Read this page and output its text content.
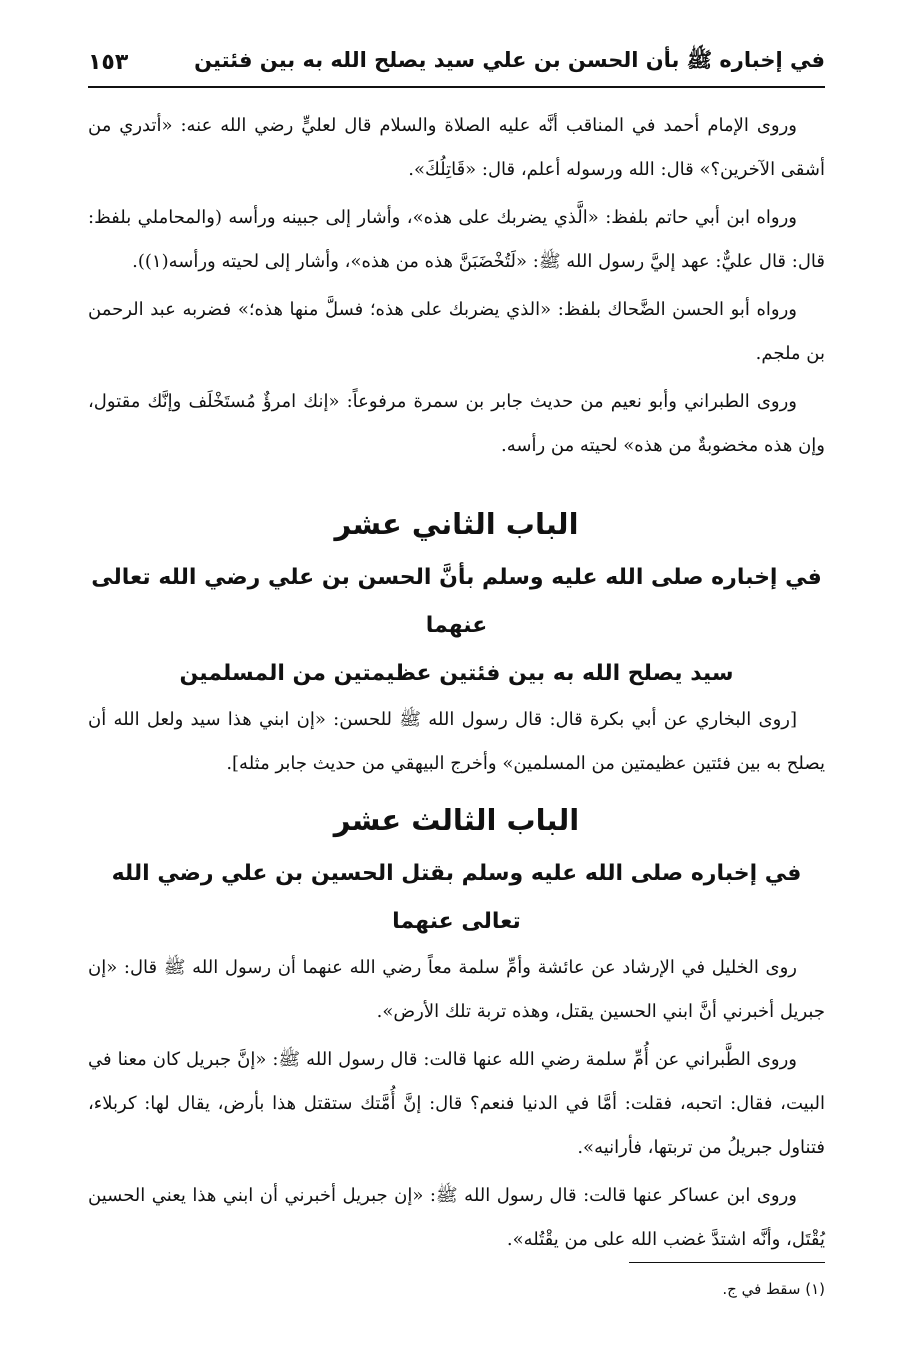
في إخباره ﷺ بأن الحسن بن علي سيد يصلح الله به بين فئتين
١٥٣

وروى الإمام أحمد في المناقب أنَّه عليه الصلاة والسلام قال لعليٍّ رضي الله عنه: «أتدري من أشقى الآخرين؟» قال: الله ورسوله أعلم، قال: «قَاتِلُكَ».

ورواه ابن أبي حاتم بلفظ: «الَّذي يضربك على هذه»، وأشار إلى جبينه ورأسه (والمحاملي بلفظ: قال: قال عليٌّ: عهد إليَّ رسول الله ﷺ: «لَتُخْضَبَنَّ هذه من هذه»، وأشار إلى لحيته ورأسه(١)).

ورواه أبو الحسن الضَّحاك بلفظ: «الذي يضربك على هذه؛ فسلَّ منها هذه؛» فضربه عبد الرحمن بن ملجم.

وروى الطبراني وأبو نعيم من حديث جابر بن سمرة مرفوعاً: «إنك امرؤٌ مُستَخْلَف وإنَّك مقتول، وإن هذه مخضوبةٌ من هذه» لحيته من رأسه.

الباب الثاني عشر
في إخباره صلى الله عليه وسلم بأنَّ الحسن بن علي رضي الله تعالى عنهما
سيد يصلح الله به بين فئتين عظيمتين من المسلمين

[روى البخاري عن أبي بكرة قال: قال رسول الله ﷺ للحسن: «إن ابني هذا سيد ولعل الله أن يصلح به بين فئتين عظيمتين من المسلمين» وأخرج البيهقي من حديث جابر مثله].

الباب الثالث عشر
في إخباره صلى الله عليه وسلم بقتل الحسين بن علي رضي الله تعالى عنهما

روى الخليل في الإرشاد عن عائشة وأمِّ سلمة معاً رضي الله عنهما أن رسول الله ﷺ قال: «إن جبريل أخبرني أنَّ ابني الحسين يقتل، وهذه تربة تلك الأرض».

وروى الطَّبراني عن أُمِّ سلمة رضي الله عنها قالت: قال رسول الله ﷺ: «إنَّ جبريل كان معنا في البيت، فقال: اتحبه، فقلت: أمَّا في الدنيا فنعم؟ قال: إنَّ أُمَّتك ستقتل هذا بأرض، يقال لها: كربلاء، فتناول جبريلُ من تربتها، فأرانيه».

وروى ابن عساكر عنها قالت: قال رسول الله ﷺ: «إن جبريل أخبرني أن ابني هذا يعني الحسين يُقْتَل، وأنَّه اشتدَّ غضب الله على من يقْتُله».

(١) سقط في ج.
